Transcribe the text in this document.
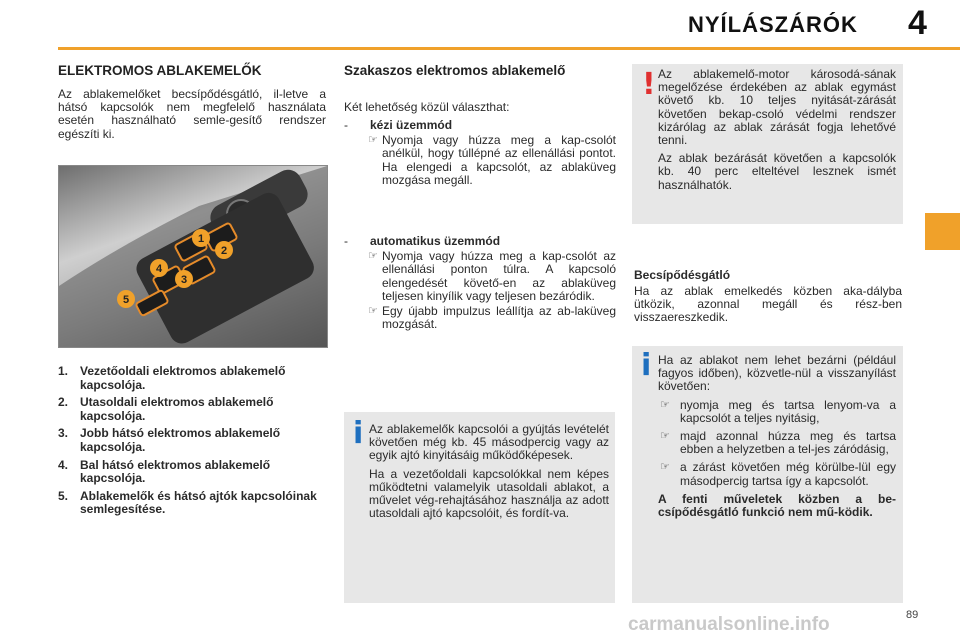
NYÍLÁSZÁRÓK 4
ELEKTROMOS ABLAKEMELŐK
Az ablakemelőket becsípődésgátló, il-letve a hátsó kapcsolók nem megfelelő használata esetén használható semle-gesítő rendszer egészíti ki.
1
2
3
4
5
1. Vezetőoldali elektromos ablakemelő kapcsolója.
2. Utasoldali elektromos ablakemelő kapcsolója.
3. Jobb hátsó elektromos ablakemelő kapcsolója.
4. Bal hátsó elektromos ablakemelő kapcsolója.
5. Ablakemelők és hátsó ajtók kapcsolóinak semlegesítése.
Szakaszos elektromos ablakemelő
Két lehetőség közül választhat:
- kézi üzemmód
☞ Nyomja vagy húzza meg a kap-csolót anélkül, hogy túllépné az ellenállási pontot. Ha elengedi a kapcsolót, az ablaküveg mozgása megáll.
- automatikus üzemmód
☞ Nyomja vagy húzza meg a kap-csolót az ellenállási ponton túlra. A kapcsoló elengedését követő-en az ablaküveg teljesen kinyílik vagy teljesen bezáródik.
☞ Egy újabb impulzus leállítja az ab-laküveg mozgását.
i Az ablakemelők kapcsolói a gyújtás levételét követően még kb. 45 másodpercig vagy az egyik ajtó kinyitásáig működőképesek.
Ha a vezetőoldali kapcsolókkal nem képes működtetni valamelyik utasoldali ablakot, a művelet vég-rehajtásához használja az adott utasoldali ajtó kapcsolóit, és fordít-va.
! Az ablakemelő-motor károsodá-sának megelőzése érdekében az ablak egymást követő kb. 10 teljes nyitását-zárását követően bekap-csoló védelmi rendszer kizárólag az ablak zárását fogja lehetővé tenni.
Az ablak bezárását követően a kapcsolók kb. 40 perc elteltével lesznek ismét használhatók.
Becsípődésgátló
Ha az ablak emelkedés közben aka-dályba ütközik, azonnal megáll és rész-ben visszaereszkedik.
i Ha az ablakot nem lehet bezárni (például fagyos időben), közvetle-nül a visszanyílást követően:
☞ nyomja meg és tartsa lenyom-va a kapcsolót a teljes nyitásig,
☞ majd azonnal húzza meg és tartsa ebben a helyzetben a tel-jes záródásig,
☞ a zárást követően még körülbe-lül egy másodpercig tartsa így a kapcsolót.
A fenti műveletek közben a be-csípődésgátló funkció nem mű-ködik.
89
carmanualsonline.info
